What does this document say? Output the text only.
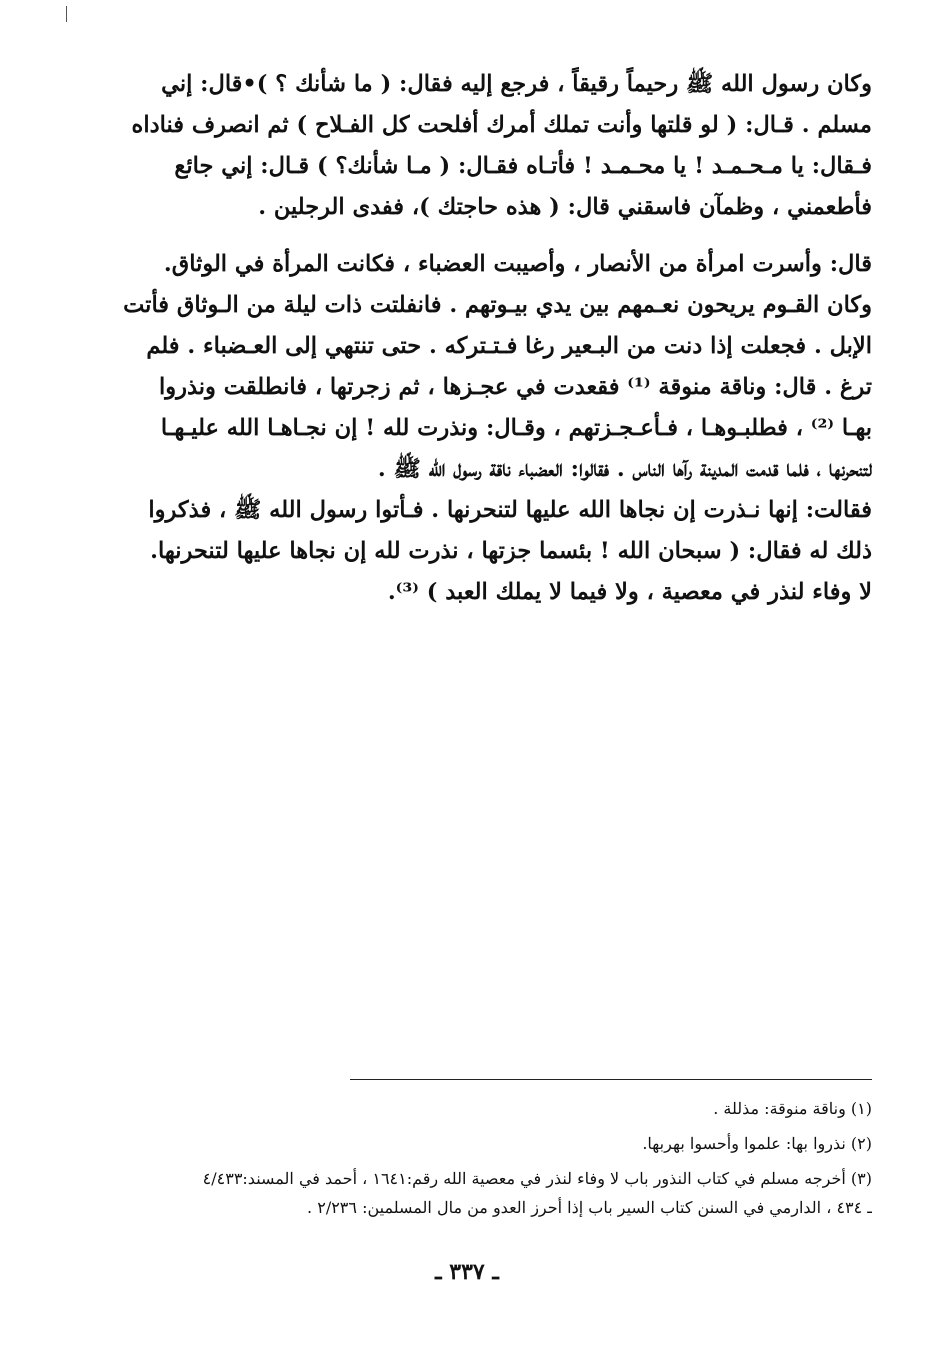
وكان رسول الله ﷺ رحيماً رقيقاً ، فرجع إليه فقال: ( ما شأنك ؟ )•قال: إني
مسلم . قـال: ( لو قلتها وأنت تملك أمرك أفلحت كل الفـلاح ) ثم انصرف فناداه
فـقال: يا مـحـمـد ! يا محـمـد ! فأتـاه فقـال: ( مـا شأنك؟ ) قـال: إني جائع
فأطعمني ، وظمآن فاسقني قال: ( هذه حاجتك )، ففدى الرجلين .

قال: وأسرت امرأة من الأنصار ، وأصيبت العضباء ، فكانت المرأة في الوثاق.
وكان القـوم يريحون نعـمهم بين يدي بيـوتهم . فانفلتت ذات ليلة من الـوثاق فأتت
الإبل . فجعلت إذا دنت من البـعير رغا فـتـتركه . حتى تنتهي إلى العـضباء . فلم
ترغ . قال: وناقة منوقة ⁽¹⁾ فقعدت في عجـزها ، ثم زجرتها ، فانطلقت ونذروا
بهـا ⁽²⁾ ، فطلبـوهـا ، فـأعـجـزتهم ، وقـال: ونذرت لله ! إن نجـاهـا الله عليـهـا
لتنحرنها ، فلما قدمت المدينة رآها الناس . فقالوا: العضباء ناقة رسول الله ﷺ .
فقالت: إنها نـذرت إن نجاها الله عليها لتنحرنها . فـأتوا رسول الله ﷺ ، فذكروا
ذلك له فقال: ( سبحان الله ! بئسما جزتها ، نذرت لله إن نجاها عليها لتنحرنها.
لا وفاء لنذر في معصية ، ولا فيما لا يملك العبد ) ⁽³⁾.

(١) وناقة منوقة: مذللة .

(٢) نذروا بها: علموا وأحسوا بهربها.

(٣) أخرجه مسلم في كتاب النذور باب لا وفاء لنذر في معصية الله رقم:١٦٤١ ، أحمد في المسند:٤/٤٣٣
ـ ٤٣٤ ، الدارمي في السنن كتاب السير باب إذا أحرز العدو من مال المسلمين: ٢/٢٣٦ .

ـ ٣٣٧ ـ
